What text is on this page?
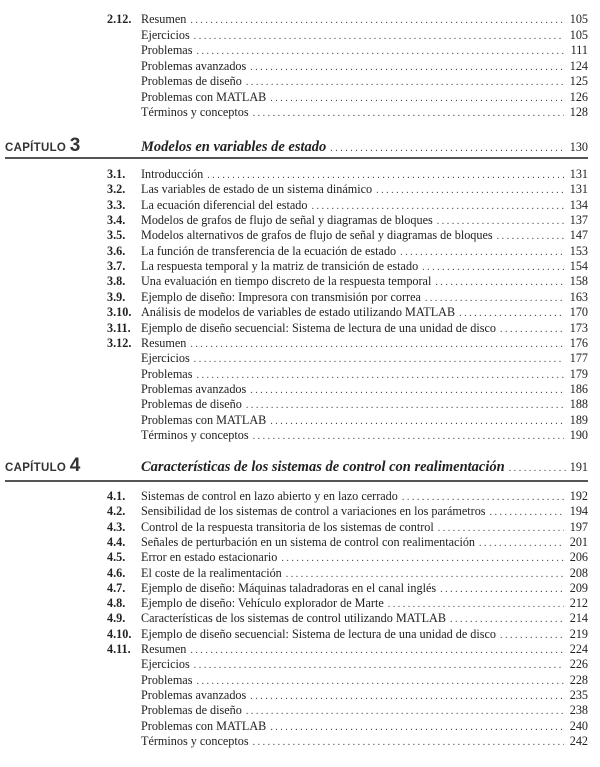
2.12. Resumen . . .	105
Ejercicios . . .	105
Problemas . . .	111
Problemas avanzados . . .	124
Problemas de diseño . . .	125
Problemas con MATLAB . . .	126
Términos y conceptos . . .	128
CAPÍTULO 3	Modelos en variables de estado . . .	130
3.1.	Introducción . . .	131
3.2.	Las variables de estado de un sistema dinámico . . .	131
3.3.	La ecuación diferencial del estado . . .	134
3.4.	Modelos de grafos de flujo de señal y diagramas de bloques . . .	137
3.5.	Modelos alternativos de grafos de flujo de señal y diagramas de bloques . . .	147
3.6.	La función de transferencia de la ecuación de estado . . .	153
3.7.	La respuesta temporal y la matriz de transición de estado . . .	154
3.8.	Una evaluación en tiempo discreto de la respuesta temporal . . .	158
3.9.	Ejemplo de diseño: Impresora con transmisión por correa . . .	163
3.10. Análisis de modelos de variables de estado utilizando MATLAB . . .	170
3.11. Ejemplo de diseño secuencial: Sistema de lectura de una unidad de disco . . .	173
3.12. Resumen . . .	176
Ejercicios . . .	177
Problemas . . .	179
Problemas avanzados . . .	186
Problemas de diseño . . .	188
Problemas con MATLAB . . .	189
Términos y conceptos . . .	190
CAPÍTULO 4	Características de los sistemas de control con realimentación . . .	191
4.1.	Sistemas de control en lazo abierto y en lazo cerrado . . .	192
4.2.	Sensibilidad de los sistemas de control a variaciones en los parámetros . . .	194
4.3.	Control de la respuesta transitoria de los sistemas de control . . .	197
4.4.	Señales de perturbación en un sistema de control con realimentación . . .	201
4.5.	Error en estado estacionario . . .	206
4.6.	El coste de la realimentación . . .	208
4.7.	Ejemplo de diseño: Máquinas taladradoras en el canal inglés . . .	209
4.8.	Ejemplo de diseño: Vehículo explorador de Marte . . .	212
4.9.	Características de los sistemas de control utilizando MATLAB . . .	214
4.10. Ejemplo de diseño secuencial: Sistema de lectura de una unidad de disco . . .	219
4.11. Resumen . . .	224
Ejercicios . . .	226
Problemas . . .	228
Problemas avanzados . . .	235
Problemas de diseño . . .	238
Problemas con MATLAB . . .	240
Términos y conceptos . . .	242
